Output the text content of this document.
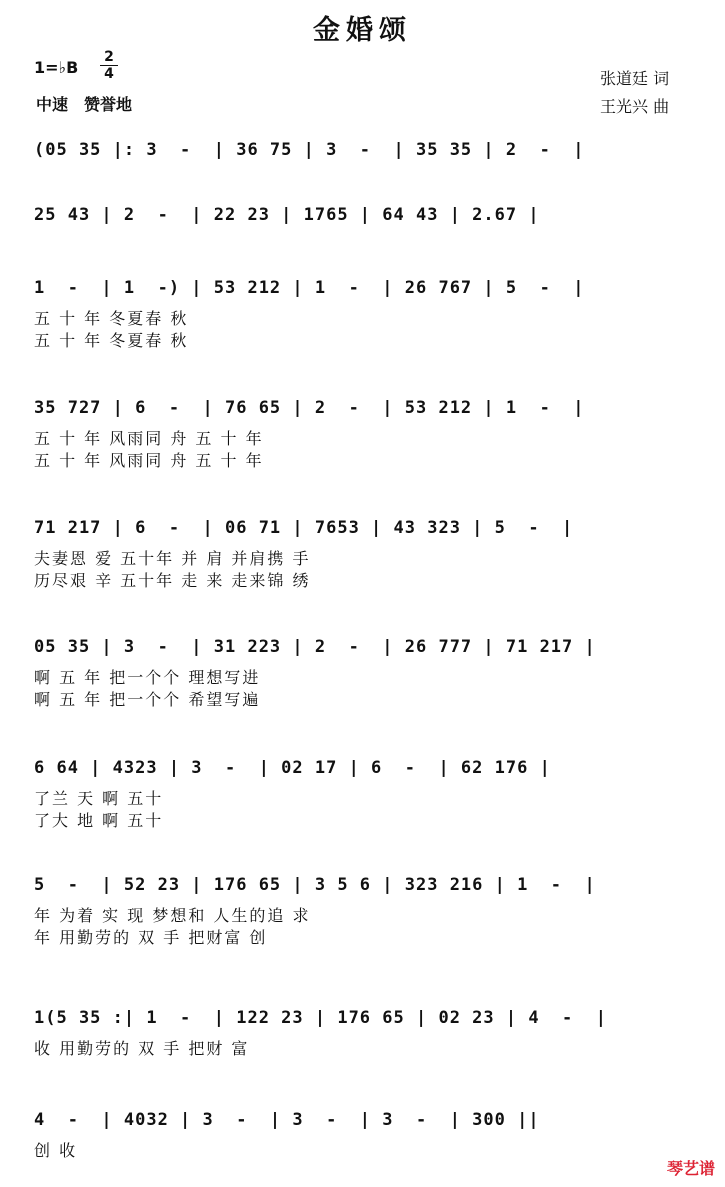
金婚颂
1=♭B
2
4
中速　赞誉地
张道廷 词
王光兴 曲
(05 35 |: 3  -  | 36 75 | 3  -  | 35 35 | 2  -  |
25 43 | 2  -  | 22 23 | 1765 | 64 43 | 2.67 |
1  -  | 1  -) | 53 212 | 1  -  | 26 767 | 5  -  |
五 十 年 冬夏春 秋
五 十 年 冬夏春 秋
35 727 | 6  -  | 76 65 | 2  -  | 53 212 | 1  -  |
五 十 年 风雨同 舟 五 十 年
五 十 年 风雨同 舟 五 十 年
71 217 | 6  -  | 06 71 | 7653 | 43 323 | 5  -  |
夫妻恩 爱 五十年 并 肩 并肩携 手
历尽艰 辛 五十年 走 来 走来锦 绣
05 35 | 3  -  | 31 223 | 2  -  | 26 777 | 71 217 |
啊 五 年 把一个个 理想写进
啊 五 年 把一个个 希望写遍
6 64 | 4323 | 3  -  | 02 17 | 6  -  | 62 176 |
了兰 天 啊 五十
了大 地 啊 五十
5  -  | 52 23 | 176 65 | 3 5 6 | 323 216 | 1  -  |
年 为着 实 现 梦想和 人生的追 求
年 用勤劳的 双 手 把财富 创
1(5 35 :| 1  -  | 122 23 | 176 65 | 02 23 | 4  -  |
收 用勤劳的 双 手 把财 富
4  -  | 4032 | 3  -  | 3  -  | 3  -  | 300 ||
创 收
琴艺谱
